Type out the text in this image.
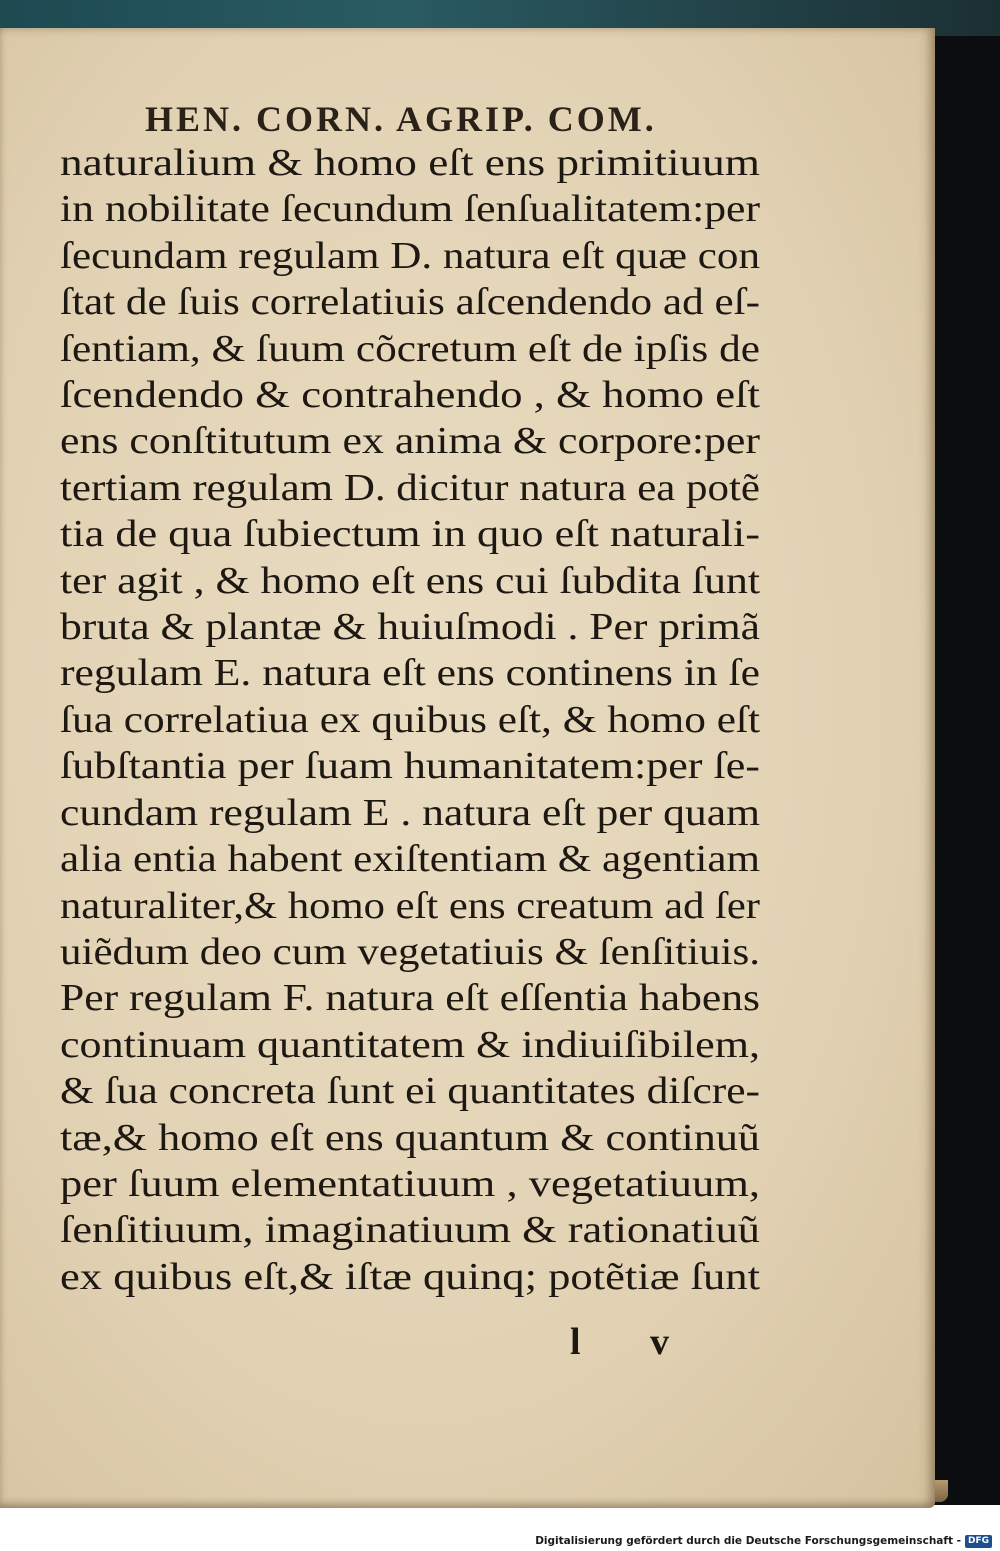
HEN. CORN. AGRIP. COM.
naturalium & homo eſt ens primitiuum
in nobilitate ſecundum ſenſualitatem:per
ſecundam regulam D. natura eſt quæ con
ſtat de ſuis correlatiuis aſcendendo ad eſ-
ſentiam, & ſuum cõcretum eſt de ipſis de
ſcendendo & contrahendo , & homo eſt
ens conſtitutum ex anima & corpore:per
tertiam regulam D. dicitur natura ea potẽ
tia de qua ſubiectum in quo eſt naturali-
ter agit , & homo eſt ens cui ſubdita ſunt
bruta & plantæ & huiuſmodi . Per primã
regulam E. natura eſt ens continens in ſe
ſua correlatiua ex quibus eſt, & homo eſt
ſubſtantia per ſuam humanitatem:per ſe-
cundam regulam E . natura eſt per quam
alia entia habent exiſtentiam & agentiam
naturaliter,& homo eſt ens creatum ad ſer
uiẽdum deo cum vegetatiuis & ſenſitiuis.
Per regulam F. natura eſt eſſentia habens
continuam quantitatem & indiuiſibilem,
& ſua concreta ſunt ei quantitates diſcre-
tæ,& homo eſt ens quantum & continuũ
per ſuum elementatiuum , vegetatiuum,
ſenſitiuum, imaginatiuum & rationatiuũ
ex quibus eſt,& iſtæ quinq; potẽtiæ ſunt
l v
Digitalisierung gefördert durch die Deutsche Forschungsgemeinschaft - DFG
